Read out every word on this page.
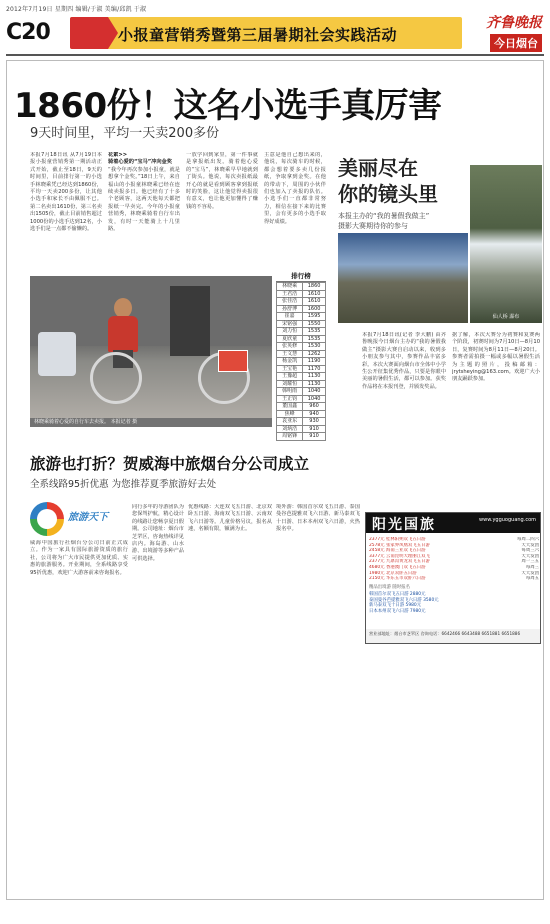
2012年7月19日 星期四 编辑/于淑 美编/邱凯 于淑
C20	小报童营销秀暨第三届暑期社会实践活动
齐鲁晚报
今日烟台
1860份！这名小选手真厉害
9天时间里，平均一天卖200多份
本报7月18日讯 从7月19日本报小报童营销秀第一期活动正式开始，截止至18日，9天的时间里，目前排行第一的小选手林晓乘凭已经达到1860份，平均一天卖200多份，让其他小选手和家长不由佩服不已。第二名卖出1610份，第三名卖出1505份，截止目前销售超过1000份的小选手达到12名，小选手们是一点都不偷懒的。
花絮>>
骑着心爱的“宝马”冲向金奖
“我今年再次参加小报童，就是想拿个金奖。”18日上午，来自福山的小报童林晓乘已经在连续卖报多日。他已经有了十多个老顾客，这两天他每天都把报纸一早卖完。今年的小报童营销秀，林晓乘骑着自行车出发，有时一天能骑上十几里路。
一放学回到家里，第一件事就是拿报纸出发。骑着他心爱的“宝马”，林晓乘早早地就到了街头。他说，每次卖报纸最开心的就是看到顾客拿到报纸时的笑脸，这让他觉得卖报很有意义，也让他更加懂得了赚钱的不容易。
主意是他自己想出来的，他说，每次骑车的时候，都会想着要多卖几份报纸，争取拿到金奖。在他的带动下，周围的小伙伴们也加入了卖报的队伍。小选手们一直都非常努力，相信在接下来的比赛里，会有更多的小选手取得好成绩。
林晓乘骑着心爱的自行车去卖报。 本报记者 摄
排行榜
林晓乘	1860
王君浩	1610
张佳浩	1610
孙舒博	1600
崔嘉	1595
宋铭强	1550
刘力恒	1535
夏欣童	1535
张英修	1530
王文慧	1262
杨金凯	1190
王宝艳	1170
王豫超	1130
刘耀恒	1130
韩明雨	1040
王正钧	1040
董国鑫	960
焦峰	940
袁亚东	930
刘炳浩	910
周铭锋	910
美丽尽在
你的镜头里
本报主办的“我的暑假我做主”
摄影大赛期待你的参与
仙人桥 瀑布
本报7月18日讯(记者 李大鹏) 由齐鲁晚报今日烟台主办的“我的暑假我做主”摄影大赛自启动以来，收到多小朋友参与其中，参赛作品丰富多彩。本次大赛面向烟台市全体中小学生公开征集优秀作品，只要是你眼中美丽的暑假生活，都可以参加。获奖作品将在本报刊登，并颁发奖品。
据了解，本次大赛分为初赛和复赛两个阶段，初赛时间为7月10日—8月10日，复赛时间为8月11日—8月20日。参赛者需拍摄一幅或多幅以暑假生活为主题的照片，投稿邮箱：jrytsheying@163.com。欢迎广大小朋友踊跃参加。
旅游也打折？贺威海中旅烟台分公司成立
全系线路95折优惠 为您推荐夏季旅游好去处
旅游天下
威海中国旅行社烟台分公司日前正式成立。作为一家具有国际旅游资质的旅行社，公司将为广大市民提供更加优质、实惠的旅游服务。开业期间，全系线路享受95折优惠，欢迎广大游客前来咨询报名。
同行多年的导游团队为您保驾护航，精心设计的线路让您畅享夏日假期。公司地址：烟台市芝罘区，咨询热线详见店内。海岛游、山水游、出境游等多种产品可供选择。
优惠线路：大连双飞五日游、北京双卧五日游、海南双飞五日游、云南双飞六日游等。儿童价格另议，报名从速，名额有限，额满为止。
境外游：韩国首尔双飞五日游、泰国曼谷芭提雅双飞六日游、新马泰双飞十日游、日本本州双飞六日游，火热报名中。	阳光国旅	www.ygguoguang.com
2377元 桂林阳朔双飞五日游	每周二四六
2578元 张家界凤凰双飞五日游	天天发团
2458元 海南三亚双飞五日游	每周三六
3377元 云南昆明大理丽江双飞	天天发团
2377元 九寨沟黄龙双飞五日游	周一三五
4680元 香港澳门双飞五日游	每周三
1980元 北京双卧五日游	天天发团
2150元 华东五市双卧六日游	每周五
精品出境游 随时报名
韩国首尔双飞五日游 2880元
泰国曼谷芭提雅双飞六日游 3580元
新马泰双飞十日游 5980元
日本本州双飞六日游 7980元
营业部地址：烟台市芝罘区 咨询电话：6642466 6643488 6651881 6651886
